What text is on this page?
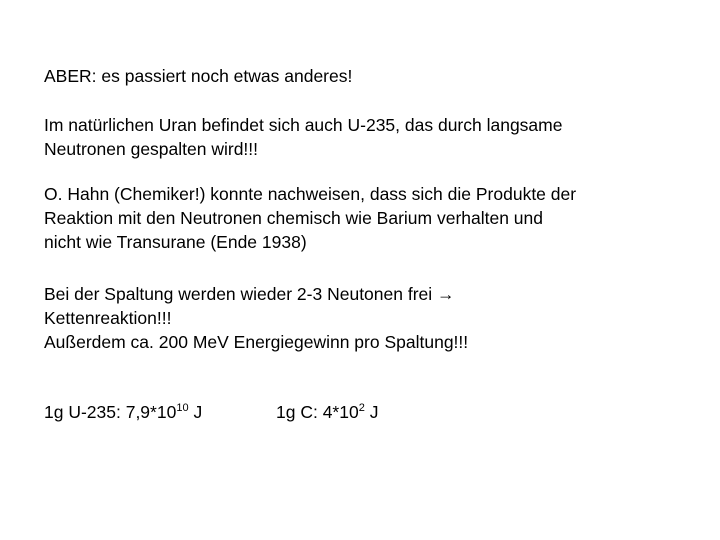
ABER: es passiert noch etwas anderes!
Im natürlichen Uran befindet sich auch U-235, das durch langsame
Neutronen gespalten wird!!!
O. Hahn (Chemiker!) konnte nachweisen, dass sich die Produkte der
Reaktion mit den Neutronen chemisch wie Barium verhalten und
nicht wie Transurane (Ende 1938)
Bei der Spaltung werden wieder 2-3 Neutonen frei →
Kettenreaktion!!!
Außerdem ca. 200 MeV Energiegewinn pro Spaltung!!!
1g U-235: $7,9*10^{10}$ J	1g C: $4*10^2$ J
